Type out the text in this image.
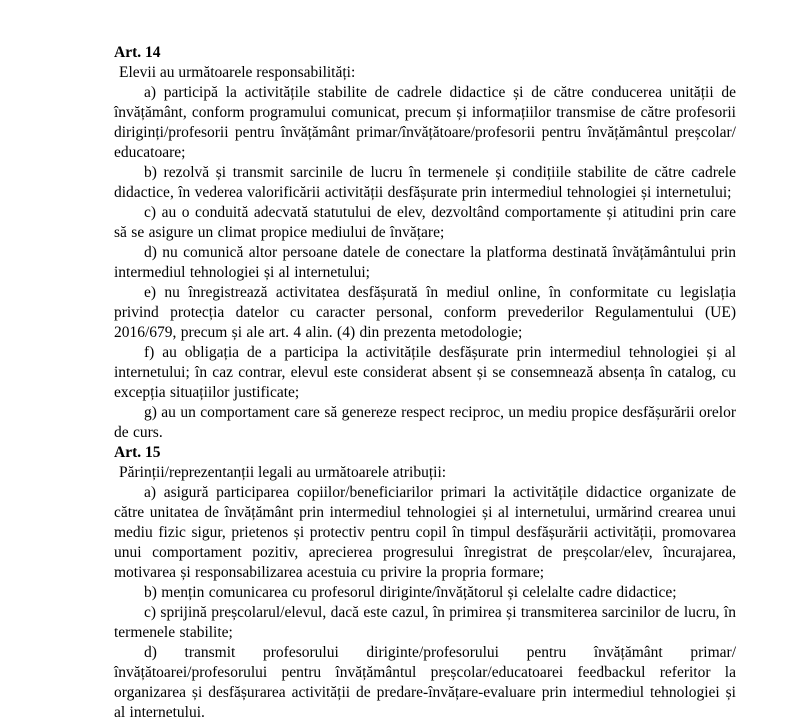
Art. 14

Elevii au următoarele responsabilități:

a) participă la activitățile stabilite de cadrele didactice și de către conducerea unității de învățământ, conform programului comunicat, precum și informațiilor transmise de către profesorii diriginți/profesorii pentru învățământ primar/învățătoare/profesorii pentru învățământul preșcolar/ educatoare;

b) rezolvă și transmit sarcinile de lucru în termenele și condițiile stabilite de către cadrele didactice, în vederea valorificării activității desfășurate prin intermediul tehnologiei și internetului;

c) au o conduită adecvată statutului de elev, dezvoltând comportamente și atitudini prin care să se asigure un climat propice mediului de învățare;

d) nu comunică altor persoane datele de conectare la platforma destinată învățământului prin intermediul tehnologiei și al internetului;

e) nu înregistrează activitatea desfășurată în mediul online, în conformitate cu legislația privind protecția datelor cu caracter personal, conform prevederilor Regulamentului (UE) 2016/679, precum și ale art. 4 alin. (4) din prezenta metodologie;

f) au obligația de a participa la activitățile desfășurate prin intermediul tehnologiei și al internetului; în caz contrar, elevul este considerat absent și se consemnează absența în catalog, cu excepția situațiilor justificate;

g) au un comportament care să genereze respect reciproc, un mediu propice desfășurării orelor de curs.

Art. 15

Părinții/reprezentanții legali au următoarele atribuții:

a) asigură participarea copiilor/beneficiarilor primari la activitățile didactice organizate de către unitatea de învățământ prin intermediul tehnologiei și al internetului, urmărind crearea unui mediu fizic sigur, prietenos și protectiv pentru copil în timpul desfășurării activității, promovarea unui comportament pozitiv, aprecierea progresului înregistrat de preșcolar/elev, încurajarea, motivarea și responsabilizarea acestuia cu privire la propria formare;

b) mențin comunicarea cu profesorul diriginte/învățătorul și celelalte cadre didactice;

c) sprijină preșcolarul/elevul, dacă este cazul, în primirea și transmiterea sarcinilor de lucru, în termenele stabilite;

d) transmit profesorului diriginte/profesorului pentru învățământ primar/învățătoarei/profesorului pentru învățământul preșcolar/educatoarei feedbackul referitor la organizarea și desfășurarea activității de predare-învățare-evaluare prin intermediul tehnologiei și al internetului.
